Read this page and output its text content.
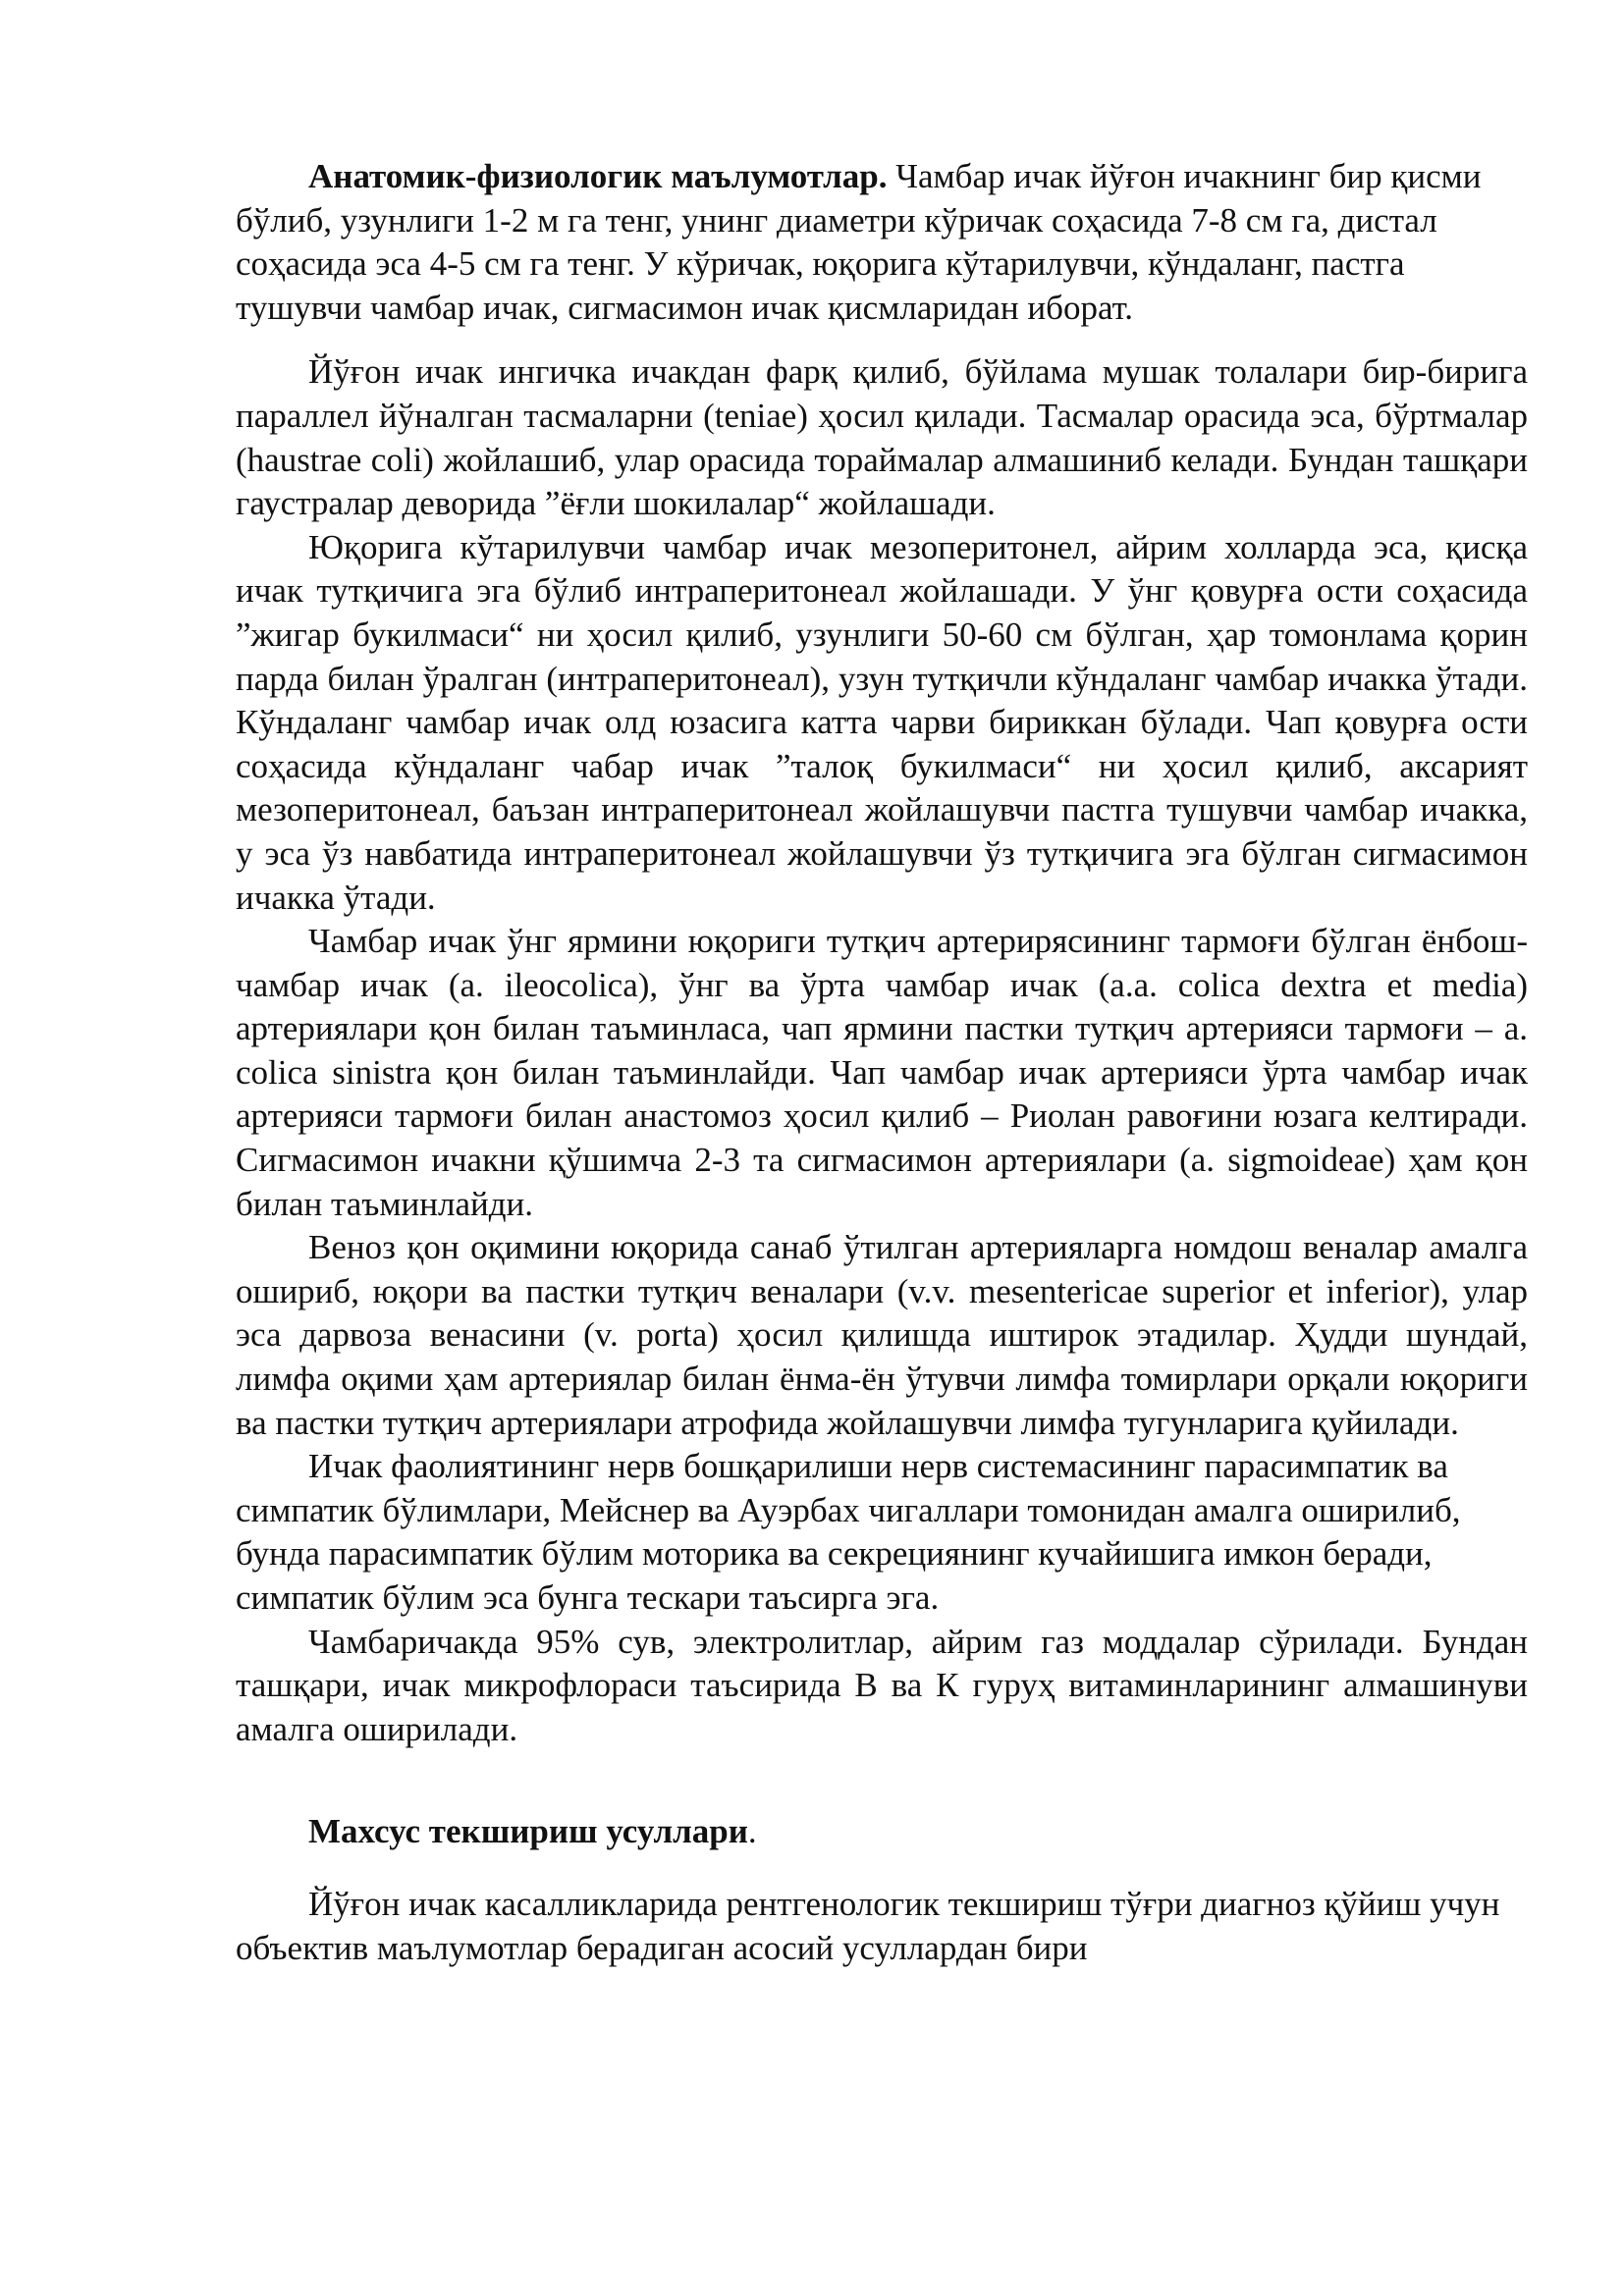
Анатомик-физиологик маълумотлар. Чамбар ичак йўғон ичакнинг бир қисми бўлиб, узунлиги 1-2 м га тенг, унинг диаметри кўричак соҳасида 7-8 см га, дистал соҳасида эса 4-5 см га тенг. У кўричак, юқорига кўтарилувчи, кўндаланг, пастга тушувчи чамбар ичак, сигмасимон ичак қисмларидан иборат.

Йўғон ичак ингичка ичакдан фарқ қилиб, бўйлама мушак толалари бир-бирига параллел йўналган тасмаларни (teniae) ҳосил қилади. Тасмалар орасида эса, бўртмалар (haustrae coli) жойлашиб, улар орасида тораймалар алмашиниб келади. Бундан ташқари гаустралар деворида ”ёғли шокилалар“ жойлашади.

Юқорига кўтарилувчи чамбар ичак мезоперитонел, айрим холларда эса, қисқа ичак тутқичига эга бўлиб интраперитонеал жойлашади. У ўнг қовурға ости соҳасида ”жигар букилмаси“ ни ҳосил қилиб, узунлиги 50-60 см бўлган, ҳар томонлама қорин парда билан ўралган (интраперитонеал), узун тутқичли кўндаланг чамбар ичакка ўтади. Кўндаланг чамбар ичак олд юзасига катта чарви бириккан бўлади. Чап қовурға ости соҳасида кўндаланг чабар ичак ”талоқ букилмаси“ ни ҳосил қилиб, аксарият мезоперитонеал, баъзан интраперитонеал жойлашувчи пастга тушувчи чамбар ичакка, у эса ўз навбатида интраперитонеал жойлашувчи ўз тутқичига эга бўлган сигмасимон ичакка ўтади.

Чамбар ичак ўнг ярмини юқориги тутқич артерирясининг тармоғи бўлган ёнбош-чамбар ичак (a. ileocolica), ўнг ва ўрта чамбар ичак (a.a. colica dextra et media) артериялари қон билан таъминласа, чап ярмини пастки тутқич артерияси тармоғи – a. colica sinistra қон билан таъминлайди. Чап чамбар ичак артерияси ўрта чамбар ичак артерияси тармоғи билан анастомоз ҳосил қилиб – Риолан равоғини юзага келтиради. Сигмасимон ичакни қўшимча 2-3 та сигмасимон артериялари (a. sigmoideae) ҳам қон билан таъминлайди.

Веноз қон оқимини юқорида санаб ўтилган артерияларга номдош веналар амалга ошириб, юқори ва пастки тутқич веналари (v.v. mesentericae superior et inferior), улар эса дарвоза венасини (v. porta) ҳосил қилишда иштирок этадилар. Ҳудди шундай, лимфа оқими ҳам артериялар билан ёнма-ён ўтувчи лимфа томирлари орқали юқориги ва пастки тутқич артериялари атрофида жойлашувчи лимфа тугунларига қуйилади.

Ичак фаолиятининг нерв бошқарилиши нерв системасининг парасимпатик ва симпатик бўлимлари, Мейснер ва Ауэрбах чигаллари томонидан амалга оширилиб, бунда парасимпатик бўлим моторика ва секрециянинг кучайишига имкон беради, симпатик бўлим эса бунга тескари таъсирга эга.

Чамбаричакда 95% сув, электролитлар, айрим газ моддалар сўрилади. Бундан ташқари, ичак микрофлораси таъсирида В ва К гуруҳ витаминларининг алмашинуви амалга оширилади.

Махсус текшириш усуллари.

Йўғон ичак касалликларида рентгенологик текшириш тўғри диагноз қўйиш учун объектив маълумотлар берадиган асосий усуллардан бири
